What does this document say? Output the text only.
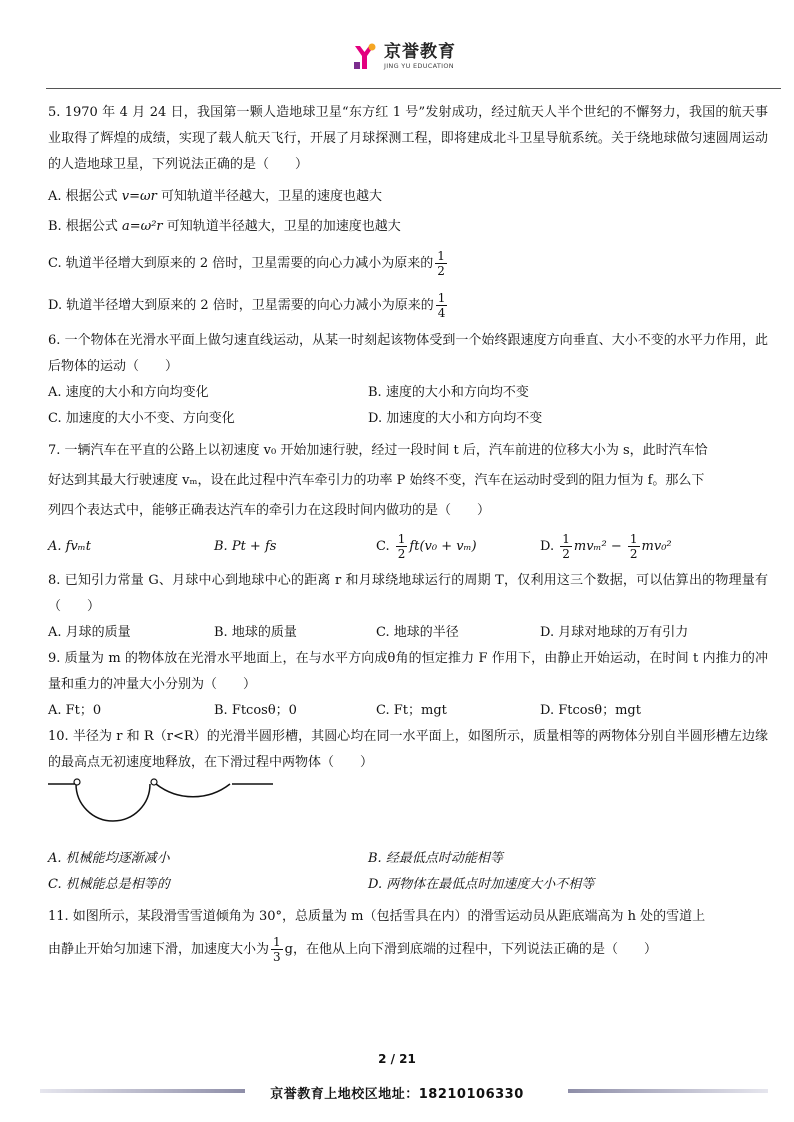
京誉教育
JING YU EDUCATION

5. 1970 年 4 月 24 日，我国第一颗人造地球卫星“东方红 1 号”发射成功，经过航天人半个世纪的不懈努力，我国的航天事业取得了辉煌的成绩，实现了载人航天飞行，开展了月球探测工程，即将建成北斗卫星导航系统。关于绕地球做匀速圆周运动的人造地球卫星，下列说法正确的是（　　）

A. 根据公式 v=ωr 可知轨道半径越大，卫星的速度也越大

B. 根据公式 a=ω²r 可知轨道半径越大，卫星的加速度也越大

C. 轨道半径增大到原来的 2 倍时，卫星需要的向心力减小为原来的 $\frac{1}{2}$

D. 轨道半径增大到原来的 2 倍时，卫星需要的向心力减小为原来的 $\frac{1}{4}$

6. 一个物体在光滑水平面上做匀速直线运动，从某一时刻起该物体受到一个始终跟速度方向垂直、大小不变的水平力作用，此后物体的运动（　　）

A. 速度的大小和方向均变化	B. 速度的大小和方向均不变
C. 加速度的大小不变、方向变化	D. 加速度的大小和方向均不变

7. 一辆汽车在平直的公路上以初速度 v₀ 开始加速行驶，经过一段时间 t 后，汽车前进的位移大小为 s，此时汽车恰

好达到其最大行驶速度 vₘ，设在此过程中汽车牵引力的功率 P 始终不变，汽车在运动时受到的阻力恒为 f。那么下

列四个表达式中，能够正确表达汽车的牵引力在这段时间内做功的是（　　）

A. fvₘt	B. Pt + fs	C. $\frac{1}{2} ft(v_0 + v_m)$	D. $\frac{1}{2} mv_m^2 - \frac{1}{2} mv_0^2$

8. 已知引力常量 G、月球中心到地球中心的距离 r 和月球绕地球运行的周期 T，仅利用这三个数据，可以估算出的物理量有（　　）

A. 月球的质量	B. 地球的质量	C. 地球的半径	D. 月球对地球的万有引力

9. 质量为 m 的物体放在光滑水平地面上，在与水平方向成θ角的恒定推力 F 作用下，由静止开始运动，在时间 t 内推力的冲量和重力的冲量大小分别为（　　）

A. Ft；0	B. Ftcosθ；0	C. Ft；mgt	D. Ftcosθ；mgt

10. 半径为 r 和 R（r<R）的光滑半圆形槽，其圆心均在同一水平面上，如图所示，质量相等的两物体分别自半圆形槽左边缘的最高点无初速度地释放，在下滑过程中两物体（　　）

A. 机械能均逐渐减小	B. 经最低点时动能相等
C. 机械能总是相等的	D. 两物体在最低点时加速度大小不相等

11. 如图所示，某段滑雪雪道倾角为 30°，总质量为 m（包括雪具在内）的滑雪运动员从距底端高为 h 处的雪道上

由静止开始匀加速下滑，加速度大小为 $\frac{1}{3}$ g，在他从上向下滑到底端的过程中，下列说法正确的是（　　）

2 / 21
京誉教育上地校区地址：18210106330
